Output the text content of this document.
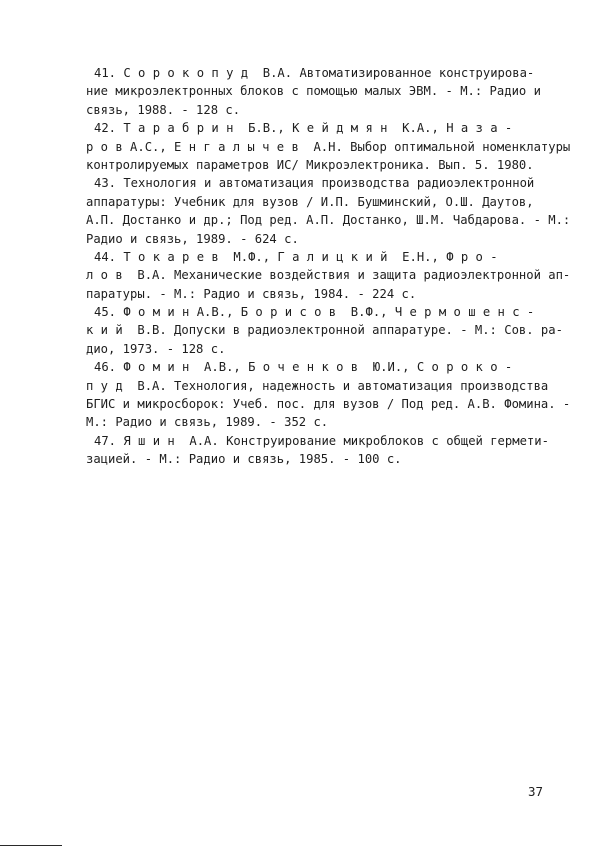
41. С о р о к о п у д  В.А. Автоматизированное конструирова-
ние микроэлектронных блоков с помощью малых ЭВМ. - М.: Радио и
связь, 1988. - 128 с.
42. Т а р а б р и н  Б.В., К е й д м я н  К.А., Н а з а -
р о в А.С., Е н г а л ы ч е в  А.Н. Выбор оптимальной номенклатуры
контролируемых параметров ИС/ Микроэлектроника. Вып. 5. 1980.
43. Технология и автоматизация производства радиоэлектронной
аппаратуры: Учебник для вузов / И.П. Бушминский, О.Ш. Даутов,
А.П. Достанко и др.; Под ред. А.П. Достанко, Ш.М. Чабдарова. - М.:
Радио и связь, 1989. - 624 с.
44. Т о к а р е в  М.Ф., Г а л и ц к и й  Е.Н., Ф р о -
л о в  В.А. Механические воздействия и защита радиоэлектронной ап-
паратуры. - М.: Радио и связь, 1984. - 224 с.
45. Ф о м и н А.В., Б о р и с о в  В.Ф., Ч е р м о ш е н с -
к и й  В.В. Допуски в радиоэлектронной аппаратуре. - М.: Сов. ра-
дио, 1973. - 128 с.
46. Ф о м и н  А.В., Б о ч е н к о в  Ю.И., С о р о к о -
п у д  В.А. Технология, надежность и автоматизация производства
БГИС и микросборок: Учеб. пос. для вузов / Под ред. А.В. Фомина. -
М.: Радио и связь, 1989. - 352 с.
47. Я ш и н  А.А. Конструирование микроблоков с общей гермети-
зацией. - М.: Радио и связь, 1985. - 100 с.
37
